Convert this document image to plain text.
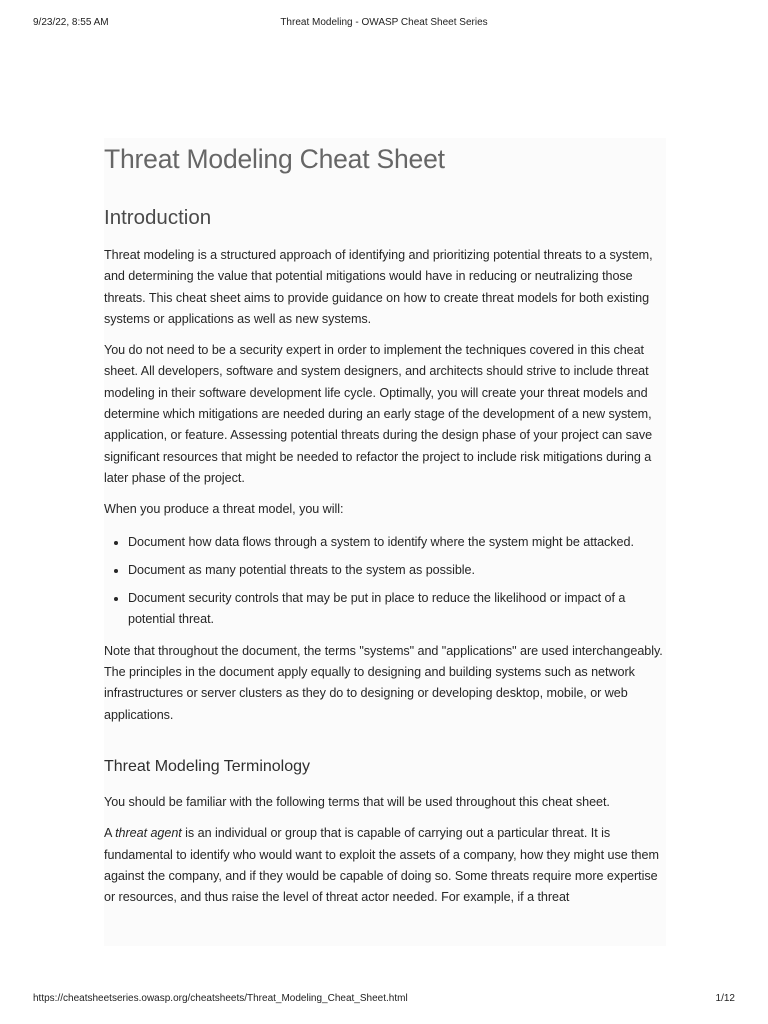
9/23/22, 8:55 AM	Threat Modeling - OWASP Cheat Sheet Series
Threat Modeling Cheat Sheet
Introduction

Threat modeling is a structured approach of identifying and prioritizing potential threats to a system, and determining the value that potential mitigations would have in reducing or neutralizing those threats. This cheat sheet aims to provide guidance on how to create threat models for both existing systems or applications as well as new systems.

You do not need to be a security expert in order to implement the techniques covered in this cheat sheet. All developers, software and system designers, and architects should strive to include threat modeling in their software development life cycle. Optimally, you will create your threat models and determine which mitigations are needed during an early stage of the development of a new system, application, or feature. Assessing potential threats during the design phase of your project can save significant resources that might be needed to refactor the project to include risk mitigations during a later phase of the project.

When you produce a threat model, you will:

• Document how data flows through a system to identify where the system might be attacked.
• Document as many potential threats to the system as possible.
• Document security controls that may be put in place to reduce the likelihood or impact of a potential threat.

Note that throughout the document, the terms "systems" and "applications" are used interchangeably. The principles in the document apply equally to designing and building systems such as network infrastructures or server clusters as they do to designing or developing desktop, mobile, or web applications.

Threat Modeling Terminology

You should be familiar with the following terms that will be used throughout this cheat sheet.

A threat agent is an individual or group that is capable of carrying out a particular threat. It is fundamental to identify who would want to exploit the assets of a company, how they might use them against the company, and if they would be capable of doing so. Some threats require more expertise or resources, and thus raise the level of threat actor needed. For example, if a threat

https://cheatsheetseries.owasp.org/cheatsheets/Threat_Modeling_Cheat_Sheet.html	1/12
